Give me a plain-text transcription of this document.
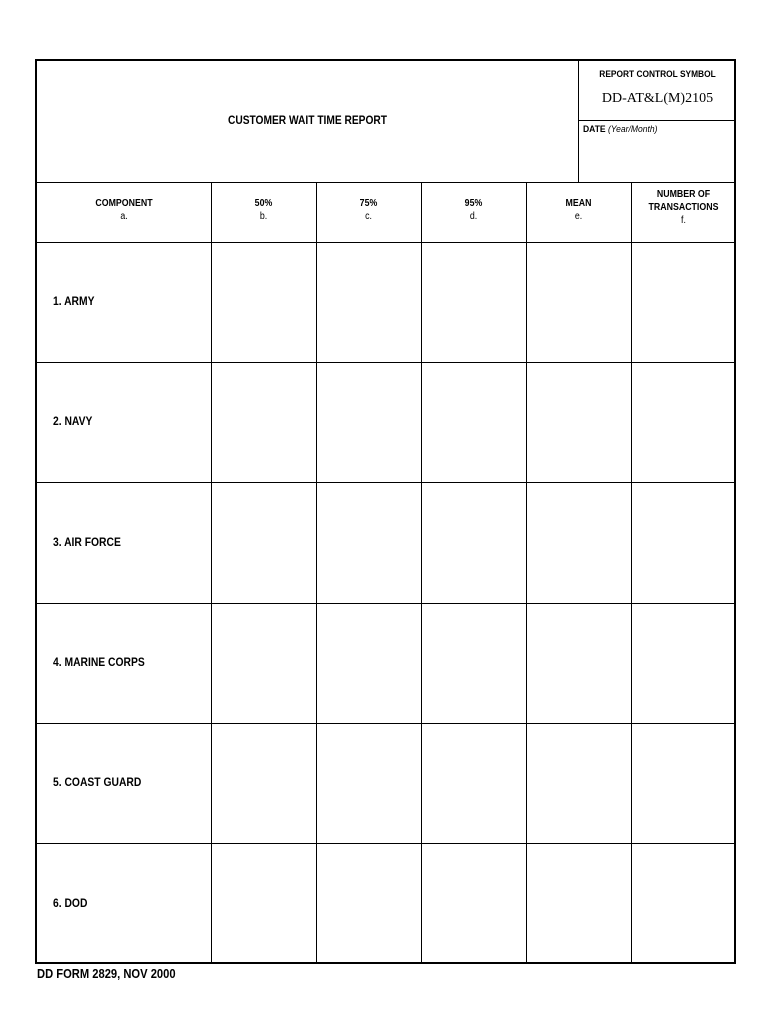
CUSTOMER WAIT TIME REPORT
REPORT CONTROL SYMBOL
DD-AT&L(M)2105
DATE (Year/Month)
COMPONENT
a.
50%
b.
75%
c.
95%
d.
MEAN
e.
NUMBER OF
TRANSACTIONS
f.
1. ARMY
2. NAVY
3. AIR FORCE
4. MARINE CORPS
5. COAST GUARD
6. DOD
DD FORM 2829, NOV 2000
